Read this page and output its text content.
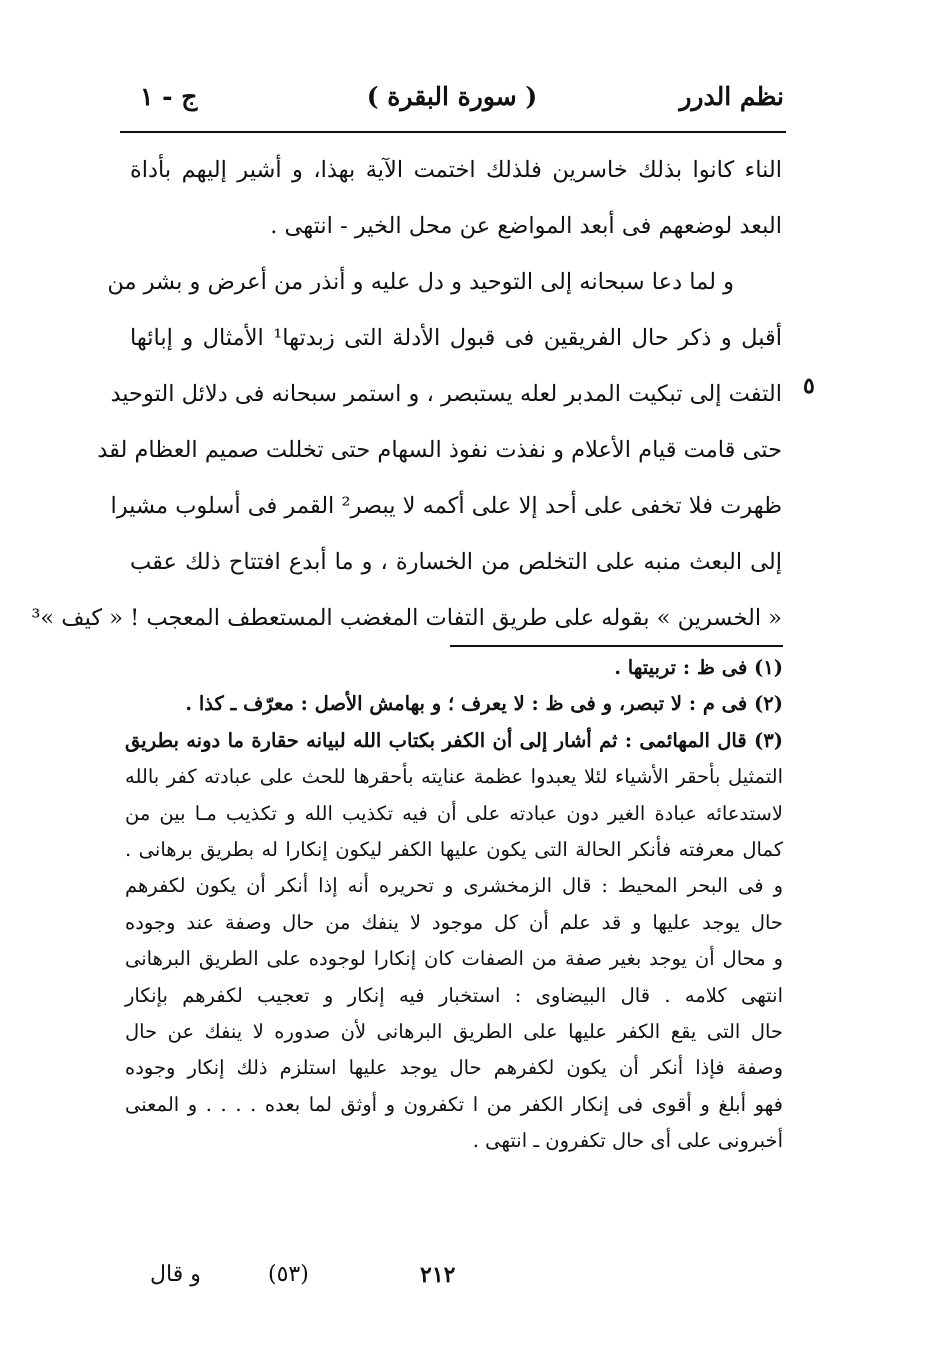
نظم الدرر
( سورة البقرة )
ج - ١
الناء كانوا بذلك خاسرين فلذلك اختمت الآية بهذا، و أشير إليهم بأداة
البعد لوضعهم فى أبعد المواضع عن محل الخير - انتهى .
و لما دعا سبحانه إلى التوحيد و دل عليه و أنذر من أعرض و بشر من
أقبل و ذكر حال الفريقين فى قبول الأدلة التى زبدتها¹ الأمثال و إبائها
التفت إلى تبكيت المدبر لعله يستبصر ، و استمر سبحانه فى دلائل التوحيد
حتى قامت قيام الأعلام و نفذت نفوذ السهام حتى تخللت صميم العظام لقد
ظهرت فلا تخفى على أحد إلا على أكمه لا يبصر² القمر فى أسلوب مشيرا
إلى البعث منبه على التخلص من الخسارة ، و ما أبدع افتتاح ذلك عقب
« الخسرين » بقوله على طريق التفات المغضب المستعطف المعجب ! « كيف »³
٥
(١) فى ظ : تربيتها .
(٢) فى م : لا تبصر، و فى ظ : لا يعرف ؛ و بهامش الأصل : معرّف ـ كذا .
(٣) قال المهائمى : ثم أشار إلى أن الكفر بكتاب الله لبيانه حقارة ما دونه بطريق
التمثيل بأحقر الأشياء لئلا يعبدوا عظمة عنايته بأحقرها للحث على عبادته كفر بالله
لاستدعائه عبادة الغير دون عبادته على أن فيه تكذيب الله و تكذيب مـا بين من
كمال معرفته فأنكر الحالة التى يكون عليها الكفر ليكون إنكارا له بطريق برهانى .
و فى البحر المحيط : قال الزمخشرى و تحريره أنه إذا أنكر أن يكون لكفرهم
حال يوجد عليها و قد علم أن كل موجود لا ينفك من حال وصفة عند وجوده
و محال أن يوجد بغير صفة من الصفات كان إنكارا لوجوده على الطريق البرهانى
انتهى كلامه . قال البيضاوى : استخبار فيه إنكار و تعجيب لكفرهم بإنكار
حال التى يقع الكفر عليها على الطريق البرهانى لأن صدوره لا ينفك عن حال
وصفة فإذا أنكر أن يكون لكفرهم حال يوجد عليها استلزم ذلك إنكار وجوده
فهو أبلغ و أقوى فى إنكار الكفر من ا تكفرون و أوثق لما بعده . . . . و المعنى
أخبرونى على أى حال تكفرون ـ انتهى .
و قال	(٥٣)	٢١٢
